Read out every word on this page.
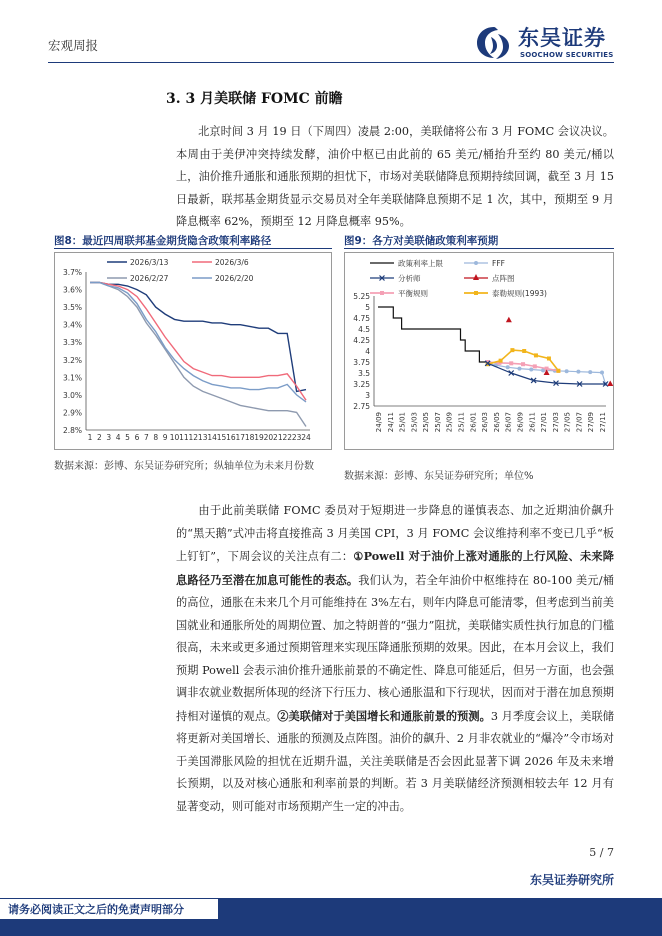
宏观周报	东吴证券
SOOCHOW SECURITIES
3. 3 月美联储 FOMC 前瞻
北京时间 3 月 19 日（下周四）凌晨 2:00，美联储将公布 3 月 FOMC 会议决议。本周由于美伊冲突持续发酵，油价中枢已由此前的 65 美元/桶抬升至约 80 美元/桶以上，油价推升通胀和通胀预期的担忧下，市场对美联储降息预期持续回调，截至 3 月 15 日最新，联邦基金期货显示交易员对全年美联储降息预期不足 1 次，其中，预期至 9 月降息概率 62%，预期至 12 月降息概率 95%。
图8：最近四周联邦基金期货隐含政策利率路径	图9：各方对美联储政策利率预期
2.8%
2.9%
3.0%
3.1%
3.2%
3.3%
3.4%
3.5%
3.6%
3.7%
1 2 3 4 5 6 7 8 9 10 11 12 13 14 15 16 17 18 19 20 21 22 23 24
2026/3/13	2026/3/6
2026/2/27	2026/2/20
2.75
3
3.25
3.5
3.75
4
4.25
4.5
4.75
5
5.25
24/09 24/11 25/01 25/03 25/05 25/07 25/09 25/11 26/01 26/03 26/05 26/07 26/09 26/11 27/01 27/03 27/05 27/07 27/09 27/11
政策利率上限	FFF
分析师	点阵图
平衡规则	泰勒规则(1993)
数据来源：彭博、东吴证券研究所；纵轴单位为未来月份数
数据来源：彭博、东吴证券研究所；单位%
由于此前美联储 FOMC 委员对于短期进一步降息的谨慎表态、加之近期油价飙升的“黑天鹅”式冲击将直接推高 3 月美国 CPI，3 月 FOMC 会议维持利率不变已几乎“板上钉钉”，下周会议的关注点有二：①Powell 对于油价上涨对通胀的上行风险、未来降息路径乃至潜在加息可能性的表态。我们认为，若全年油价中枢维持在 80-100 美元/桶的高位，通胀在未来几个月可能维持在 3%左右，则年内降息可能清零，但考虑到当前美国就业和通胀所处的周期位置、加之特朗普的“强力”阻扰，美联储实质性执行加息的门槛很高，未来或更多通过预期管理来实现压降通胀预期的效果。因此，在本月会议上，我们预期 Powell 会表示油价推升通胀前景的不确定性、降息可能延后，但另一方面，也会强调非农就业数据所体现的经济下行压力、核心通胀温和下行现状，因而对于潜在加息预期持相对谨慎的观点。②美联储对于美国增长和通胀前景的预测。3 月季度会议上，美联储将更新对美国增长、通胀的预测及点阵图。油价的飙升、2 月非农就业的“爆冷”令市场对于美国滞胀风险的担忧在近期升温，关注美联储是否会因此显著下调 2026 年及未来增长预期，以及对核心通胀和利率前景的判断。若 3 月美联储经济预测相较去年 12 月有显著变动，则可能对市场预期产生一定的冲击。
5 / 7
东吴证券研究所
请务必阅读正文之后的免责声明部分
